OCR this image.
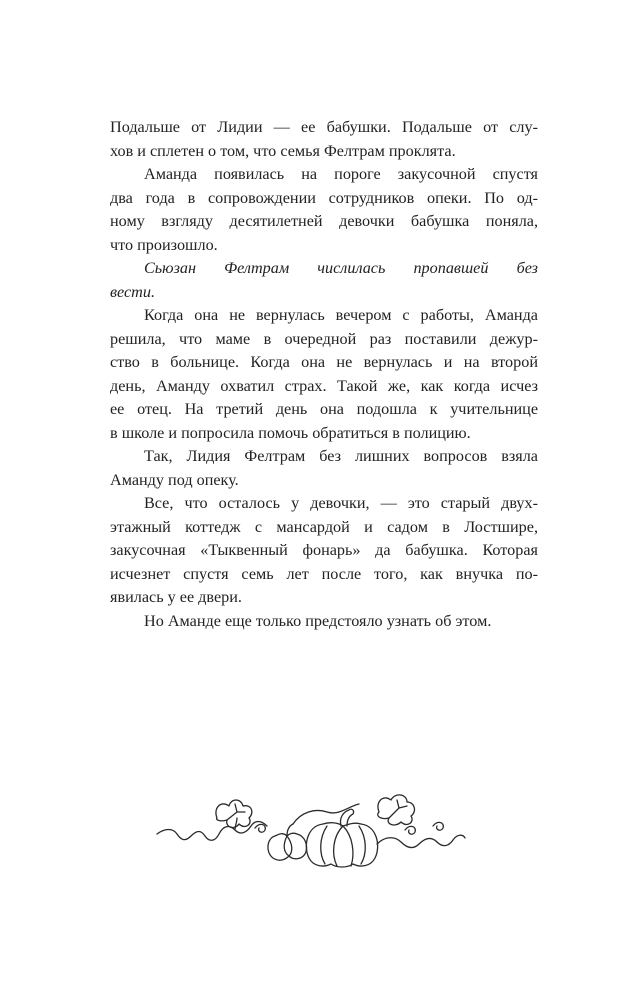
Подальше от Лидии — ее бабушки. Подальше от слу-
хов и сплетен о том, что семья Фелтрам проклята.
Аманда появилась на пороге закусочной спустя
два года в сопровождении сотрудников опеки. По од-
ному взгляду десятилетней девочки бабушка поняла,
что произошло.
Сьюзан Фелтрам числилась пропавшей без
вести.
Когда она не вернулась вечером с работы, Аманда
решила, что маме в очередной раз поставили дежур-
ство в больнице. Когда она не вернулась и на второй
день, Аманду охватил страх. Такой же, как когда исчез
ее отец. На третий день она подошла к учительнице
в школе и попросила помочь обратиться в полицию.
Так, Лидия Фелтрам без лишних вопросов взяла
Аманду под опеку.
Все, что осталось у девочки, — это старый двух-
этажный коттедж с мансардой и садом в Лостшире,
закусочная «Тыквенный фонарь» да бабушка. Которая
исчезнет спустя семь лет после того, как внучка по-
явилась у ее двери.
Но Аманде еще только предстояло узнать об этом.
